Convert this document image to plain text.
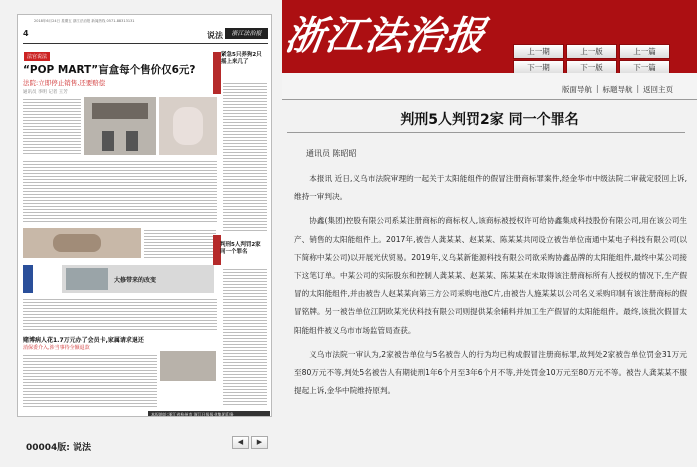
2018年6月24日 星期五 浙江法治报 新闻热线 0571-88313131
4	说法	浙江法治报
法官说法
“POP MART”盲盒每个售价仅6元?
法院:立即停止销售,还要赔偿
通讯员 李明 记者 王芳
紧急5只养狗2只摇上来几了
判刑5人判罚2家 同一个罪名
大修带来的改变
赌博病人花1.7万元办了会员卡,家属请求退还
消保委介入,涉当事待全额退款
本报地址:浙江省杭州市 浙江日报报业集团印务
00004版: 说法
◀	▶
浙江法治报	上一期	上一版	上一篇
下一期	下一版	下一篇
版面导航 | 标题导航 | 返回主页
判刑5人判罚2家 同一个罪名
通讯员 陈昭昭

本报讯 近日,义乌市法院审理的一起关于太阳能组件的假冒注册商标罪案件,经金华市中级法院二审裁定驳回上诉,维持一审判决。

协鑫(集团)控股有限公司系某注册商标的商标权人,该商标被授权许可给协鑫集成科技股份有限公司,用在该公司生产、销售的太阳能组件上。2017年,被告人龚某某、赵某某、陈某某共同设立被告单位南通中某电子科技有限公司(以下简称中某公司)以开展光伏贸易。2019年,义乌某新能源科技有限公司欲采购协鑫品牌的太阳能组件,最终中某公司接下这笔订单。中某公司的实际股东和控制人龚某某、赵某某、陈某某在未取得该注册商标所有人授权的情况下,生产假冒的太阳能组件,并由被告人赵某某向第三方公司采购电池C片,由被告人施某某以公司名义采购印制有该注册商标的假冒铭牌。另一被告单位江阴欧某光伏科技有限公司则提供某余辅料并加工生产假冒的太阳能组件。最终,该批次假冒太阳能组件被义乌市市场监管局查获。

义乌市法院一审认为,2家被告单位与5名被告人的行为均已构成假冒注册商标罪,故判处2家被告单位罚金31万元至80万元不等,判处5名被告人有期徒刑1年6个月至3年6个月不等,并处罚金10万元至80万元不等。被告人龚某某不服提起上诉,金华中院维持原判。
